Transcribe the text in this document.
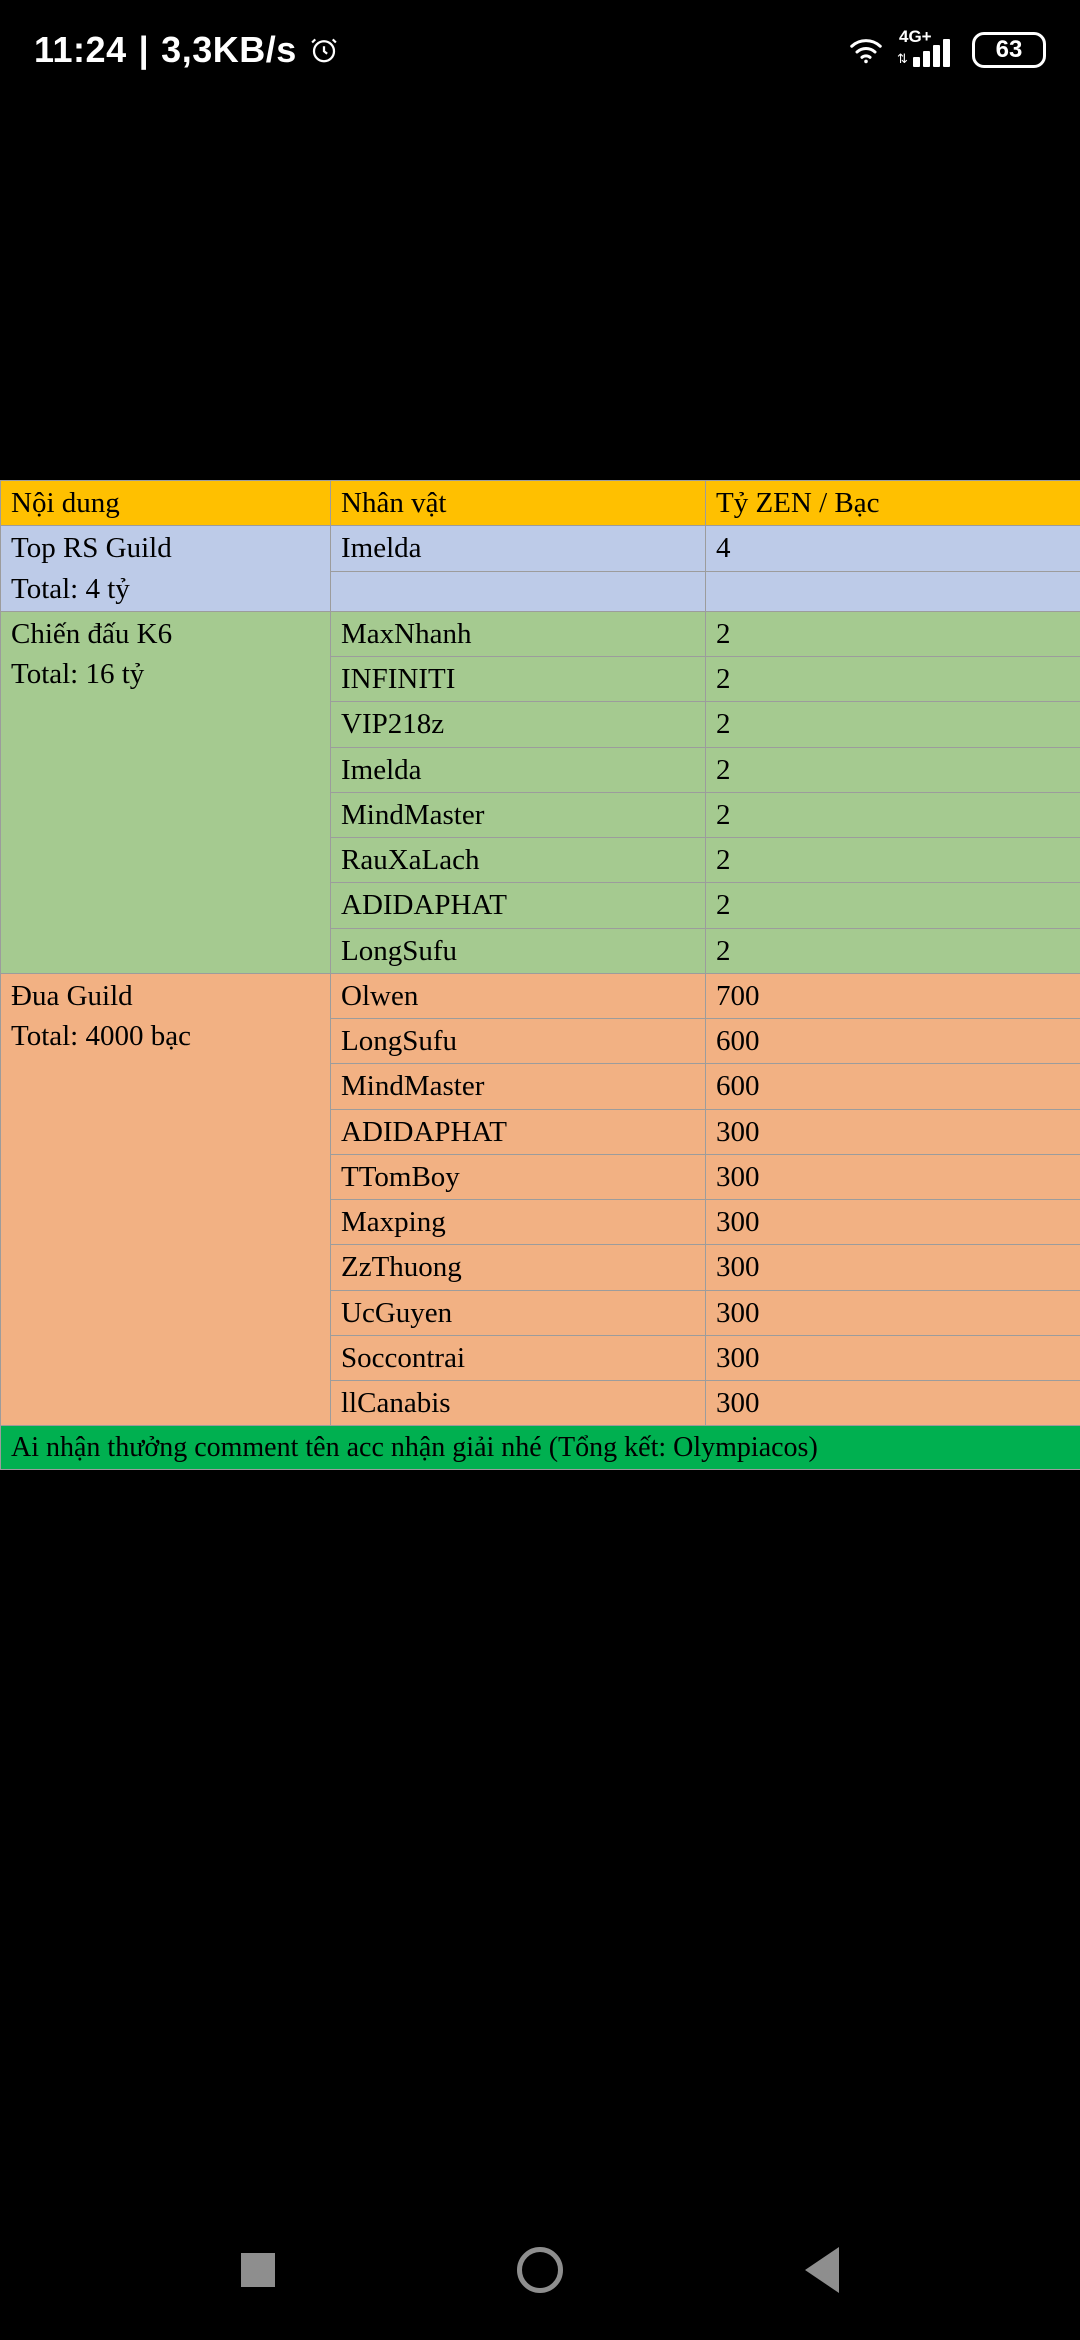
11:24 | 3,3KB/s	4G+
⇅	63
Nội dung	Nhân vật	Tỷ ZEN / Bạc

Top RS Guild
Total: 4 tỷ	Imelda	4

Chiến đấu K6
Total: 16 tỷ	MaxNhanh	2
	INFINITI	2
	VIP218z	2
	Imelda	2
	MindMaster	2
	RauXaLach	2
	ADIDAPHAT	2
	LongSufu	2

Đua Guild
Total: 4000 bạc	Olwen	700
	LongSufu	600
	MindMaster	600
	ADIDAPHAT	300
	TTomBoy	300
	Maxping	300
	ZzThuong	300
	UcGuyen	300
	Soccontrai	300
	llCanabis	300
Ai nhận thưởng comment tên acc nhận giải nhé (Tổng kết: Olympiacos)		
